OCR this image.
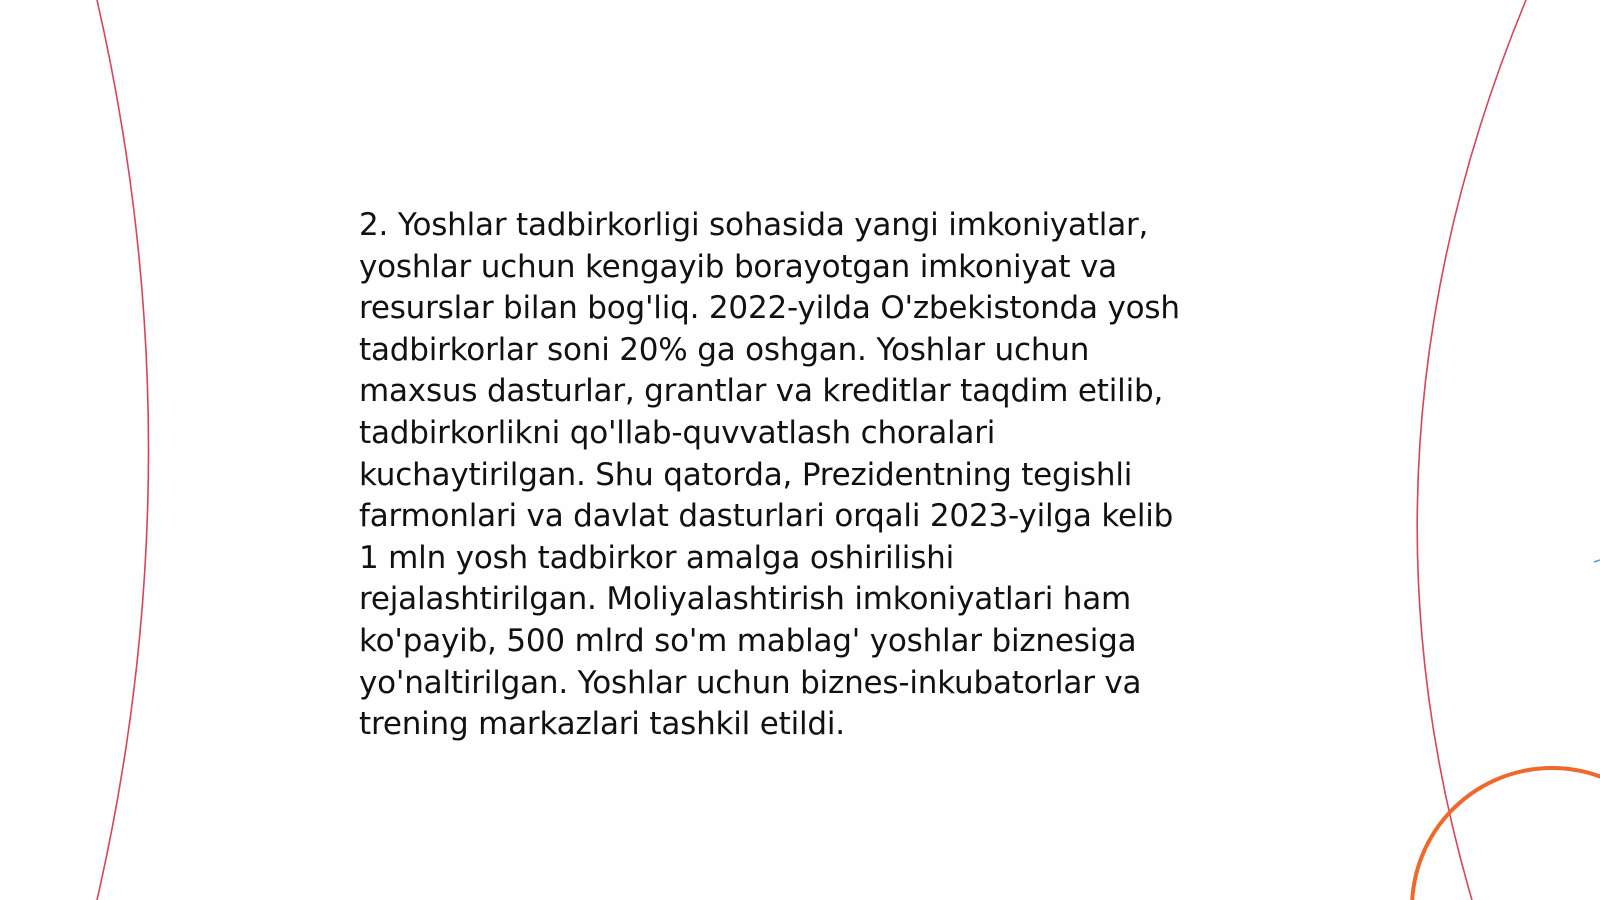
2. Yoshlar tadbirkorligi sohasida yangi imkoniyatlar,
yoshlar uchun kengayib borayotgan imkoniyat va
resurslar bilan bog'liq. 2022-yilda O'zbekistonda yosh
tadbirkorlar soni 20% ga oshgan. Yoshlar uchun
maxsus dasturlar, grantlar va kreditlar taqdim etilib,
tadbirkorlikni qo'llab-quvvatlash choralari
kuchaytirilgan. Shu qatorda, Prezidentning tegishli
farmonlari va davlat dasturlari orqali 2023-yilga kelib
1 mln yosh tadbirkor amalga oshirilishi
rejalashtirilgan. Moliyalashtirish imkoniyatlari ham
ko'payib, 500 mlrd so'm mablag' yoshlar biznesiga
yo'naltirilgan. Yoshlar uchun biznes-inkubatorlar va
trening markazlari tashkil etildi.
